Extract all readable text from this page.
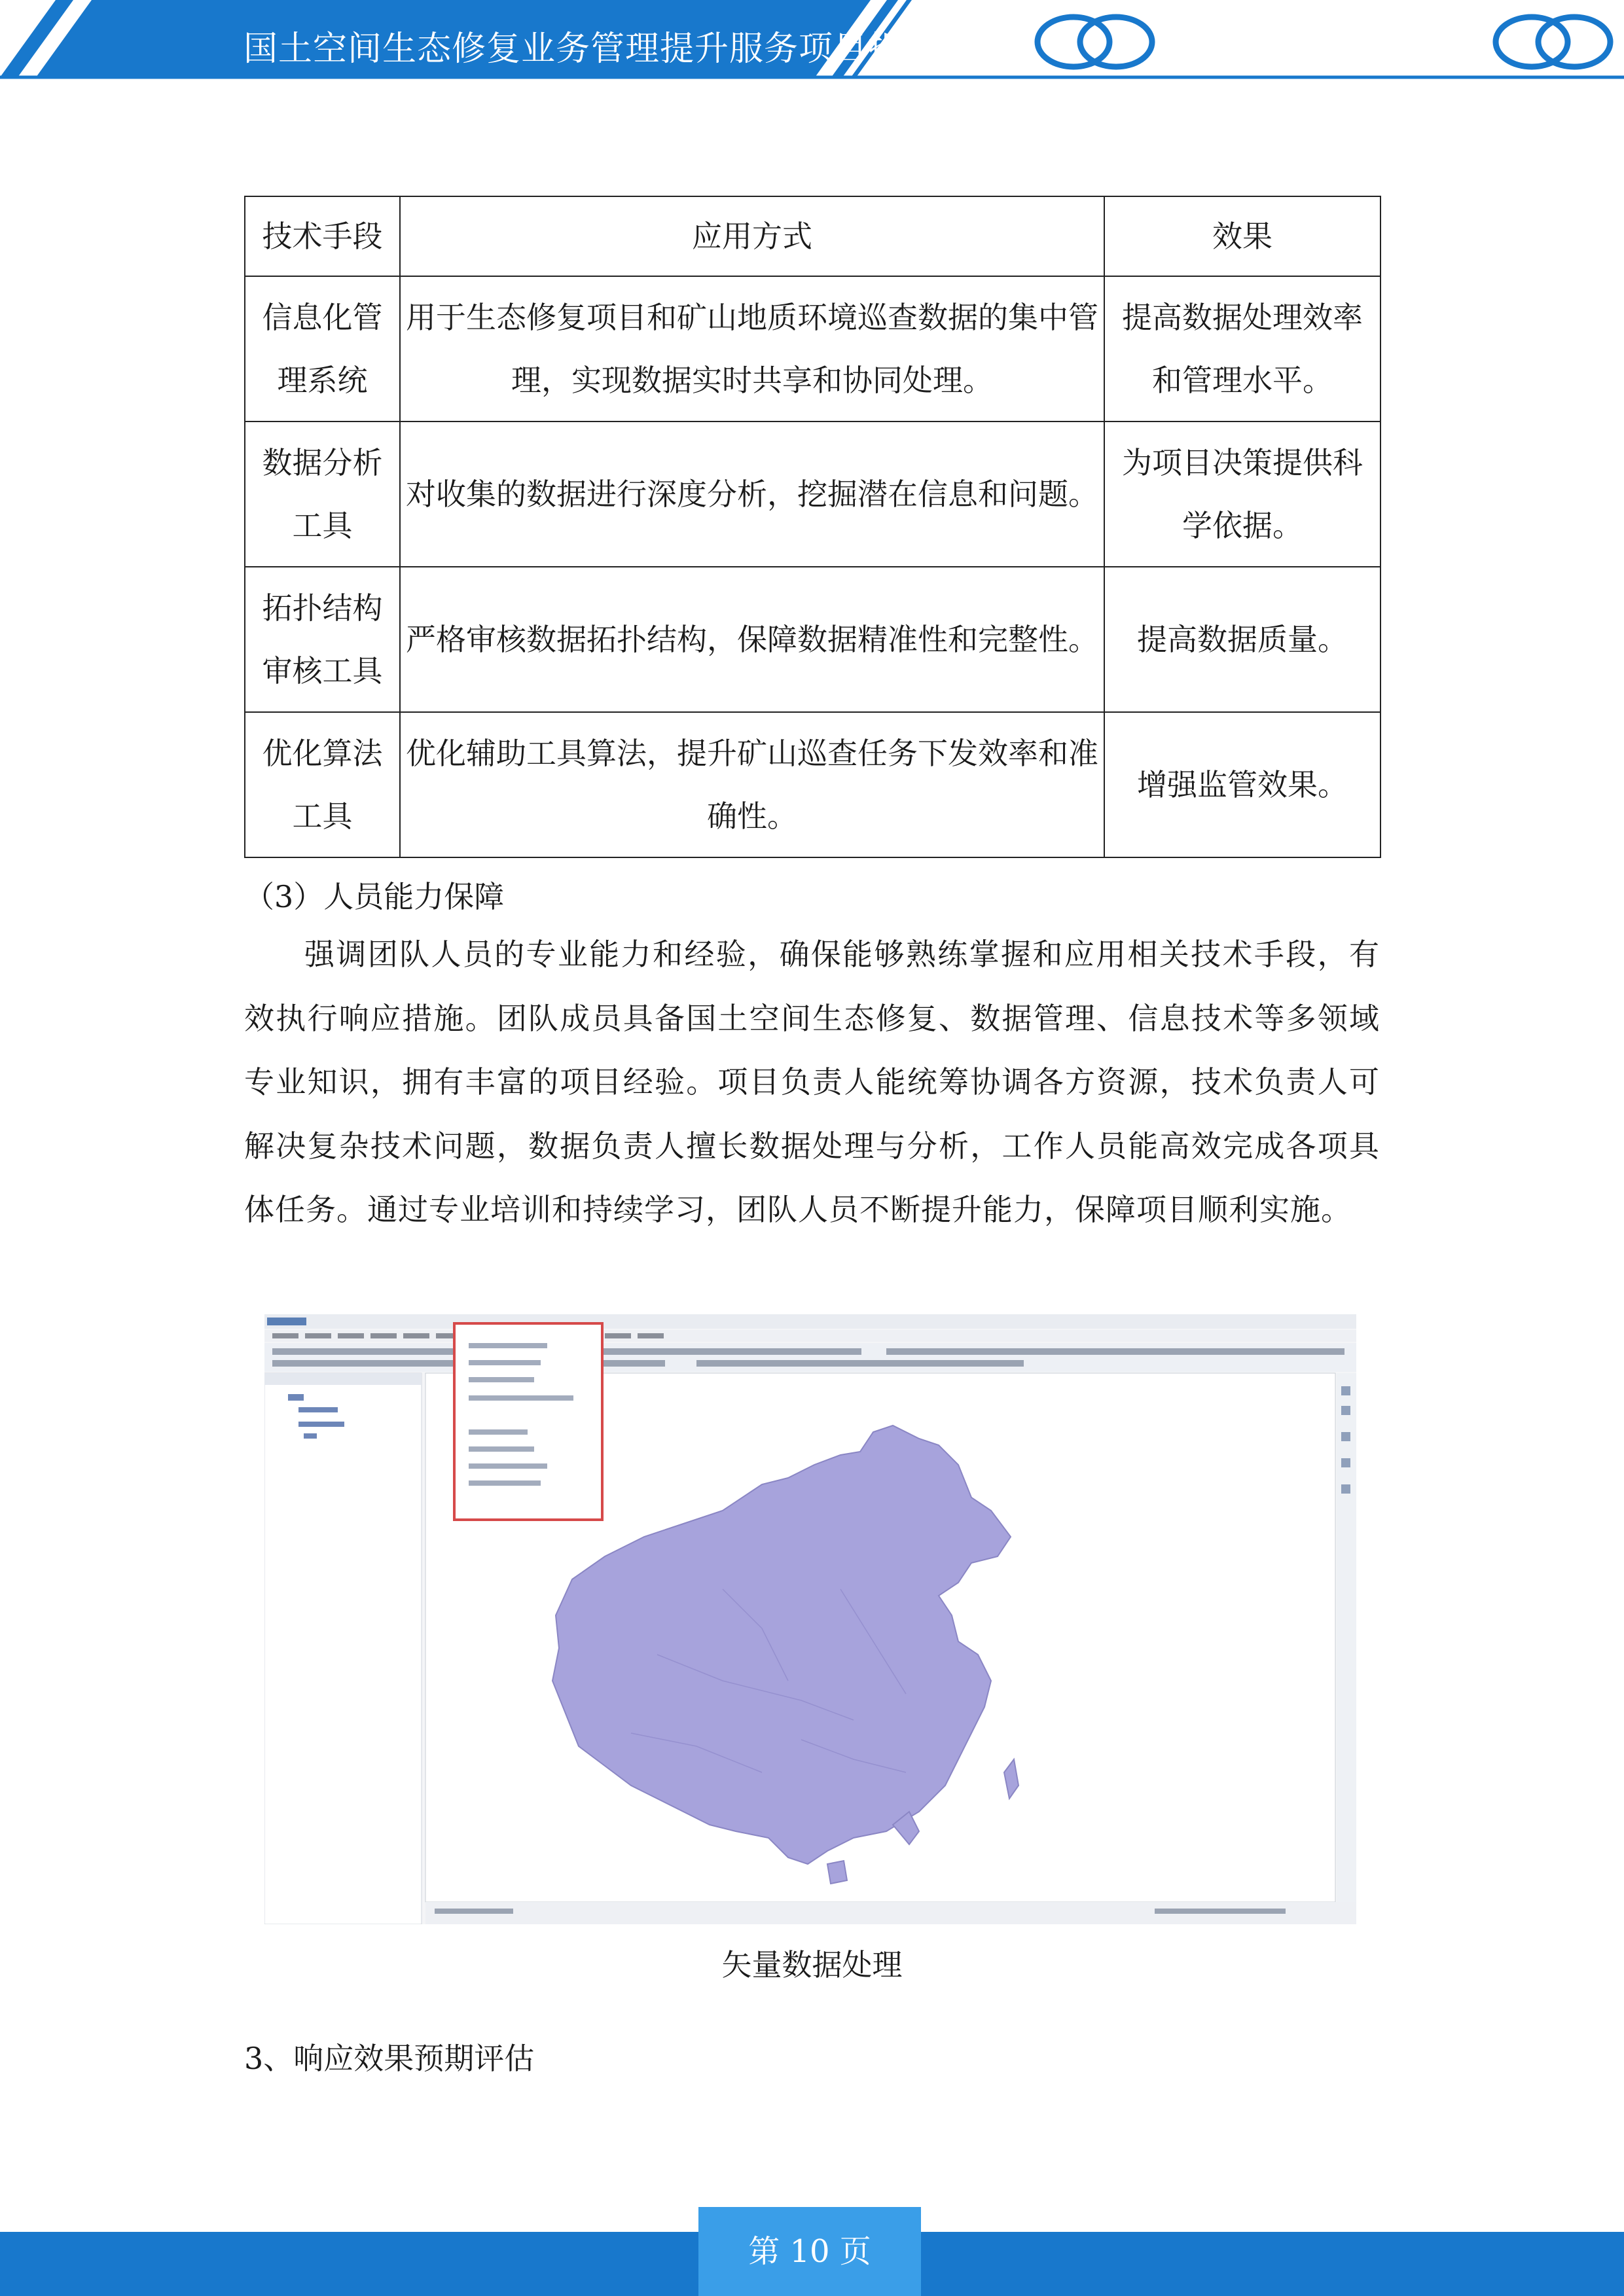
国土空间生态修复业务管理提升服务项目投
技术手段	应用方式	效果
信息化管理系统	用于生态修复项目和矿山地质环境巡查数据的集中管理，实现数据实时共享和协同处理。	提高数据处理效率和管理水平。
数据分析工具	对收集的数据进行深度分析，挖掘潜在信息和问题。	为项目决策提供科学依据。
拓扑结构审核工具	严格审核数据拓扑结构，保障数据精准性和完整性。	提高数据质量。
优化算法工具	优化辅助工具算法，提升矿山巡查任务下发效率和准确性。	增强监管效果。
（3）人员能力保障
强调团队人员的专业能力和经验，确保能够熟练掌握和应用相关技术手段，有效执行响应措施。团队成员具备国土空间生态修复、数据管理、信息技术等多领域专业知识，拥有丰富的项目经验。项目负责人能统筹协调各方资源，技术负责人可解决复杂技术问题，数据负责人擅长数据处理与分析，工作人员能高效完成各项具体任务。通过专业培训和持续学习，团队人员不断提升能力，保障项目顺利实施。
矢量数据处理
3、响应效果预期评估
第 10 页
